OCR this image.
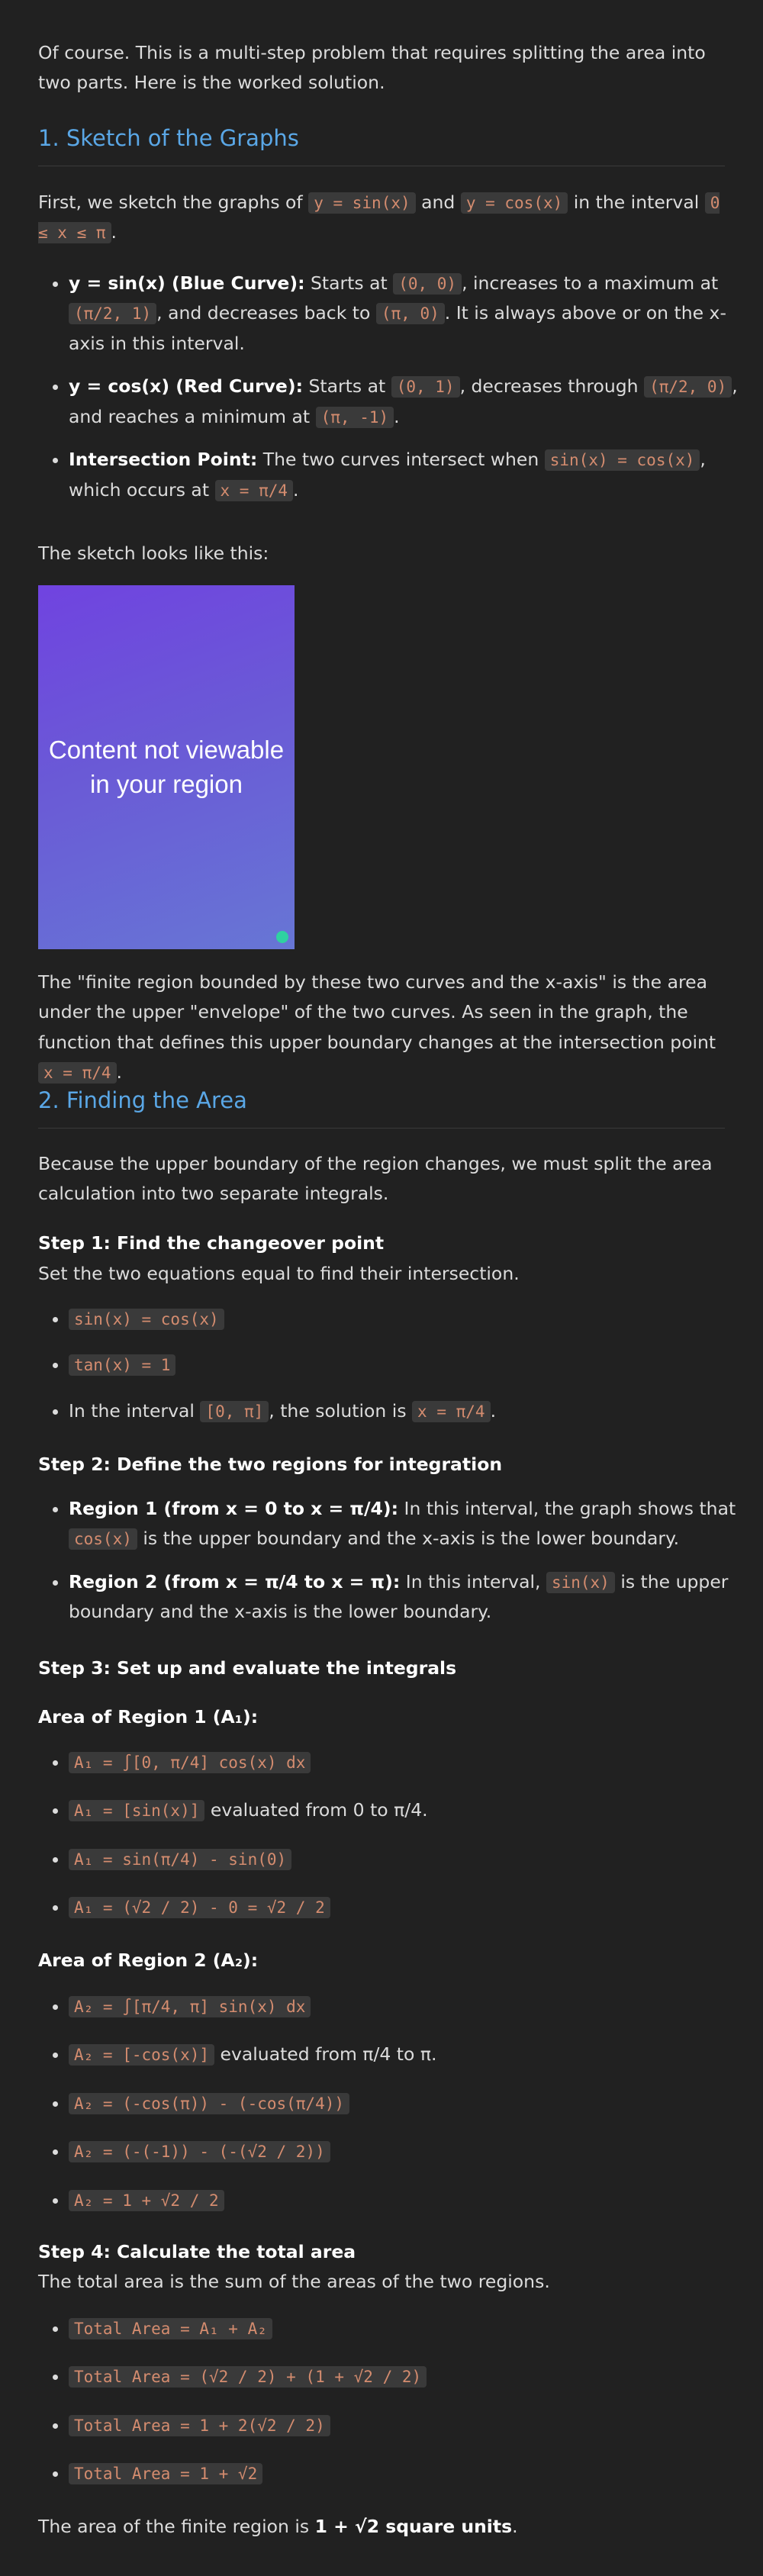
Of course. This is a multi-step problem that requires splitting the area into two parts. Here is the worked solution.

1. Sketch of the Graphs

First, we sketch the graphs of y = sin(x) and y = cos(x) in the interval 0 ≤ x ≤ π .

• y = sin(x) (Blue Curve): Starts at (0, 0) , increases to a maximum at (π/2, 1) , and decreases back to (π, 0) . It is always above or on the x-axis in this interval.
• y = cos(x) (Red Curve): Starts at (0, 1) , decreases through (π/2, 0) , and reaches a minimum at (π, -1) .
• Intersection Point: The two curves intersect when sin(x) = cos(x) , which occurs at x = π/4 .

The sketch looks like this:

Content not viewable in your region

The "finite region bounded by these two curves and the x-axis" is the area under the upper "envelope" of the two curves. As seen in the graph, the function that defines this upper boundary changes at the intersection point x = π/4 .

2. Finding the Area

Because the upper boundary of the region changes, we must split the area calculation into two separate integrals.

Step 1: Find the changeover point

Set the two equations equal to find their intersection.

• sin(x) = cos(x)
• tan(x) = 1
• In the interval [0, π] , the solution is x = π/4 .

Step 2: Define the two regions for integration

• Region 1 (from x = 0 to x = π/4): In this interval, the graph shows that cos(x) is the upper boundary and the x-axis is the lower boundary.
• Region 2 (from x = π/4 to x = π): In this interval, sin(x) is the upper boundary and the x-axis is the lower boundary.

Step 3: Set up and evaluate the integrals

Area of Region 1 (A₁):

• A₁ = ∫[0, π/4] cos(x) dx
• A₁ = [sin(x)] evaluated from 0 to π/4.
• A₁ = sin(π/4) - sin(0)
• A₁ = (√2 / 2) - 0 = √2 / 2

Area of Region 2 (A₂):

• A₂ = ∫[π/4, π] sin(x) dx
• A₂ = [-cos(x)] evaluated from π/4 to π.
• A₂ = (-cos(π)) - (-cos(π/4))
• A₂ = (-(-1)) - (-(√2 / 2))
• A₂ = 1 + √2 / 2

Step 4: Calculate the total area

The total area is the sum of the areas of the two regions.

• Total Area = A₁ + A₂
• Total Area = (√2 / 2) + (1 + √2 / 2)
• Total Area = 1 + 2(√2 / 2)
• Total Area = 1 + √2

The area of the finite region is 1 + √2 square units.
